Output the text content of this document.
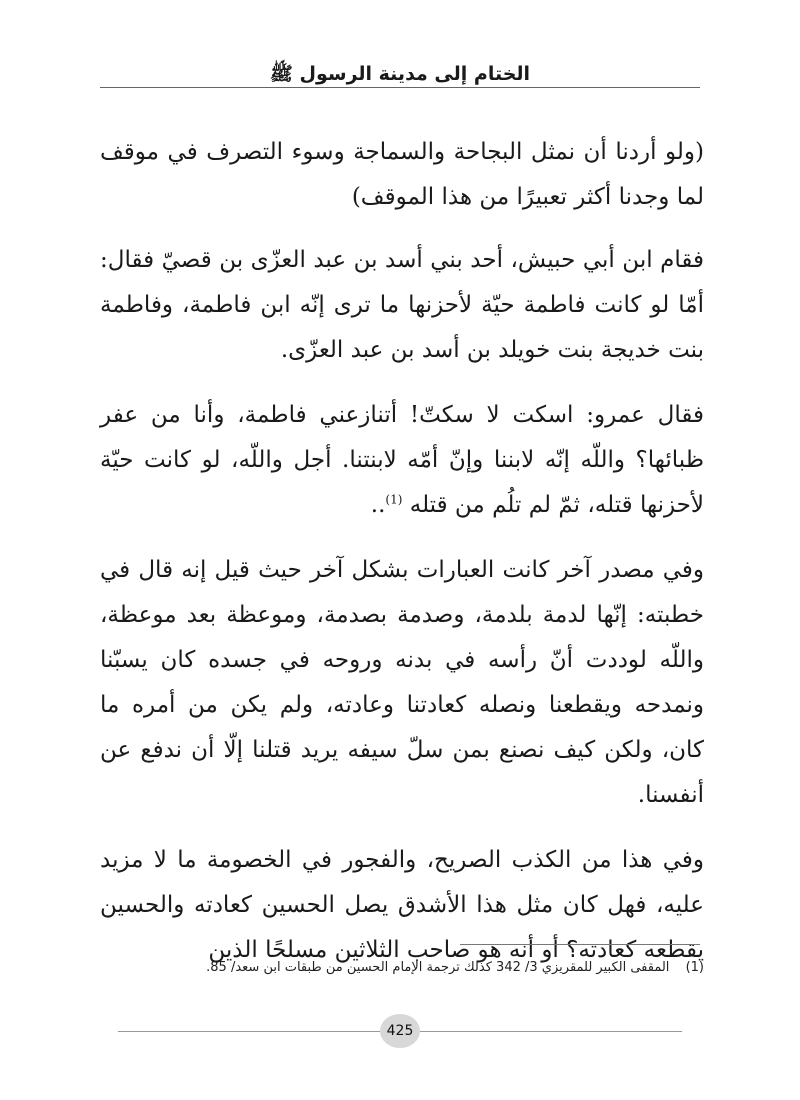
الختام إلى مدينة الرسول ﷺ

(ولو أردنا أن نمثل البجاحة والسماجة وسوء التصرف في موقف لما وجدنا أكثر تعبيرًا من هذا الموقف)

فقام ابن أبي حبيش، أحد بني أسد بن عبد العزّى بن قصيّ فقال: أمّا لو كانت فاطمة حيّة لأحزنها ما ترى إنّه ابن فاطمة، وفاطمة بنت خديجة بنت خويلد بن أسد بن عبد العزّى.

فقال عمرو: اسكت لا سكتّ! أتنازعني فاطمة، وأنا من عفر ظبائها؟ واللّه إنّه لابننا وإنّ أمّه لابنتنا. أجل واللّه، لو كانت حيّة لأحزنها قتله، ثمّ لم تلُم من قتله $^{(1)}$..

وفي مصدر آخر كانت العبارات بشكل آخر حيث قيل إنه قال في خطبته: إنّها لدمة بلدمة، وصدمة بصدمة، وموعظة بعد موعظة، واللّه لوددت أنّ رأسه في بدنه وروحه في جسده كان يسبّنا ونمدحه ويقطعنا ونصله كعادتنا وعادته، ولم يكن من أمره ما كان، ولكن كيف نصنع بمن سلّ سيفه يريد قتلنا إلّا أن ندفع عن أنفسنا.

وفي هذا من الكذب الصريح، والفجور في الخصومة ما لا مزيد عليه، فهل كان مثل هذا الأشدق يصل الحسين كعادته والحسين يقطعه كعادته؟ أو أنه هو صاحب الثلاثين مسلحًا الذين

(1) المقفى الكبير للمقريزي 3/ 342 كذلك ترجمة الإمام الحسين من طبقات ابن سعد/ 85.
425
